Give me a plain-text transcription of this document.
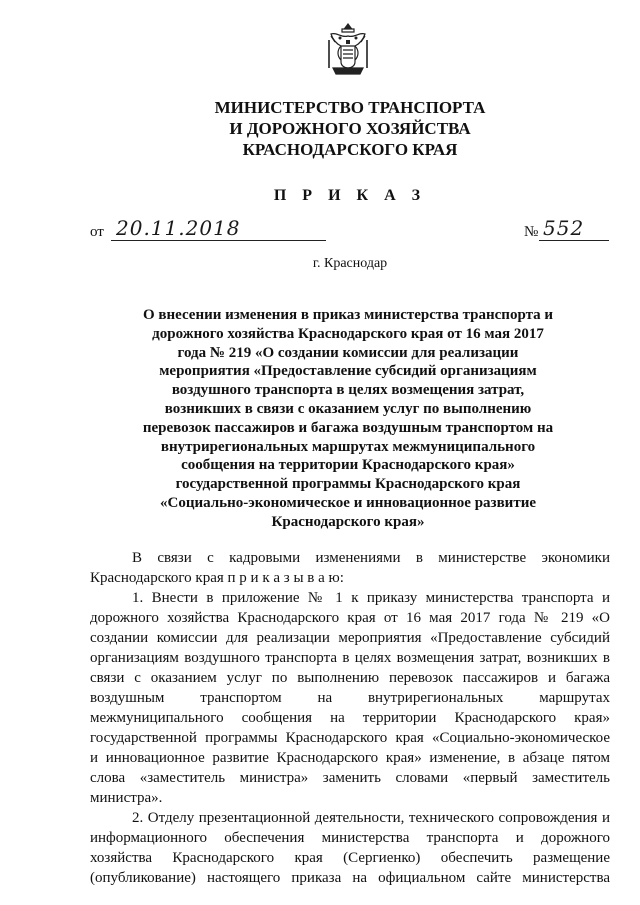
МИНИСТЕРСТВО ТРАНСПОРТА
И ДОРОЖНОГО ХОЗЯЙСТВА
КРАСНОДАРСКОГО КРАЯ
П Р И К А З
от 20.11.2018	№ 552
г. Краснодар
О внесении изменения в приказ министерства транспорта и
дорожного хозяйства Краснодарского края от 16 мая 2017
года № 219 «О создании комиссии для реализации
мероприятия «Предоставление субсидий организациям
воздушного транспорта в целях возмещения затрат,
возникших в связи с оказанием услуг по выполнению
перевозок пассажиров и багажа воздушным транспортом на
внутрирегиональных маршрутах межмуниципального
сообщения на территории Краснодарского края»
государственной программы Краснодарского края
«Социально-экономическое и инновационное развитие
Краснодарского края»
В связи с кадровыми изменениями в министерстве экономики
Краснодарского края п р и к а з ы в а ю:
1. Внести в приложение № 1 к приказу министерства транспорта и
дорожного хозяйства Краснодарского края от 16 мая 2017 года № 219 «О
создании комиссии для реализации мероприятия «Предоставление субсидий
организациям воздушного транспорта в целях возмещения затрат, возникших в
связи с оказанием услуг по выполнению перевозок пассажиров и багажа
воздушным транспортом на внутрирегиональных маршрутах
межмуниципального сообщения на территории Краснодарского края»
государственной программы Краснодарского края «Социально-экономическое
и инновационное развитие Краснодарского края» изменение, в абзаце пятом
слова «заместитель министра» заменить словами «первый заместитель
министра».
2. Отделу презентационной деятельности, технического сопровождения и
информационного обеспечения министерства транспорта и дорожного
хозяйства Краснодарского края (Сергиенко) обеспечить размещение
(опубликование) настоящего приказа на официальном сайте министерства
